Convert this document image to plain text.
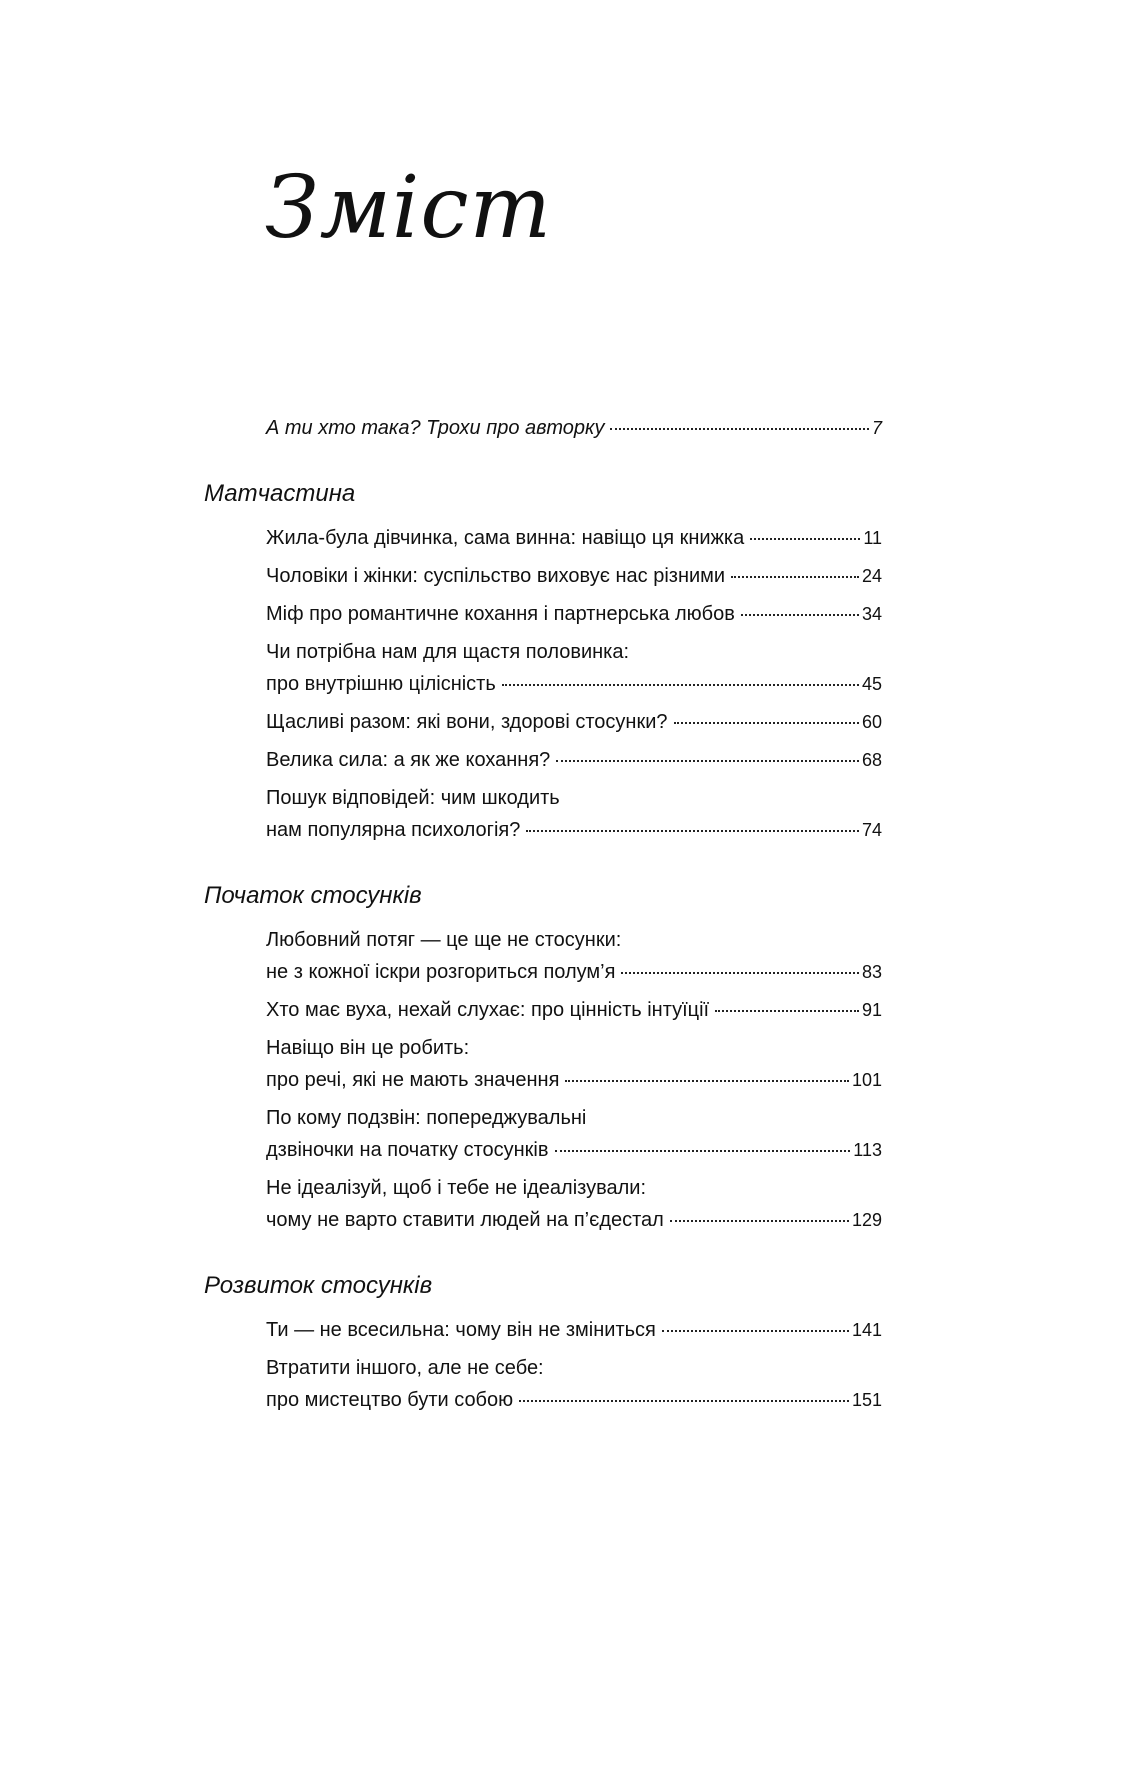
Зміст
А ти хто така? Трохи про авторку	7
Матчастина
Жила-була дівчинка, сама винна: навіщо ця книжка	11
Чоловіки і жінки: суспільство виховує нас різними	24
Міф про романтичне кохання і партнерська любов	34
Чи потрібна нам для щастя половинка:
про внутрішню цілісність	45
Щасливі разом: які вони, здорові стосунки?	60
Велика сила: а як же кохання?	68
Пошук відповідей: чим шкодить
нам популярна психологія?	74
Початок стосунків
Любовний потяг — це ще не стосунки:
не з кожної іскри розгориться полум’я	83
Хто має вуха, нехай слухає: про цінність інтуїції	91
Навіщо він це робить:
про речі, які не мають значення	101
По кому подзвін: попереджувальні
дзвіночки на початку стосунків	113
Не ідеалізуй, щоб і тебе не ідеалізували:
чому не варто ставити людей на п’єдестал	129
Розвиток стосунків
Ти — не всесильна: чому він не зміниться	141
Втратити іншого, але не себе:
про мистецтво бути собою	151
